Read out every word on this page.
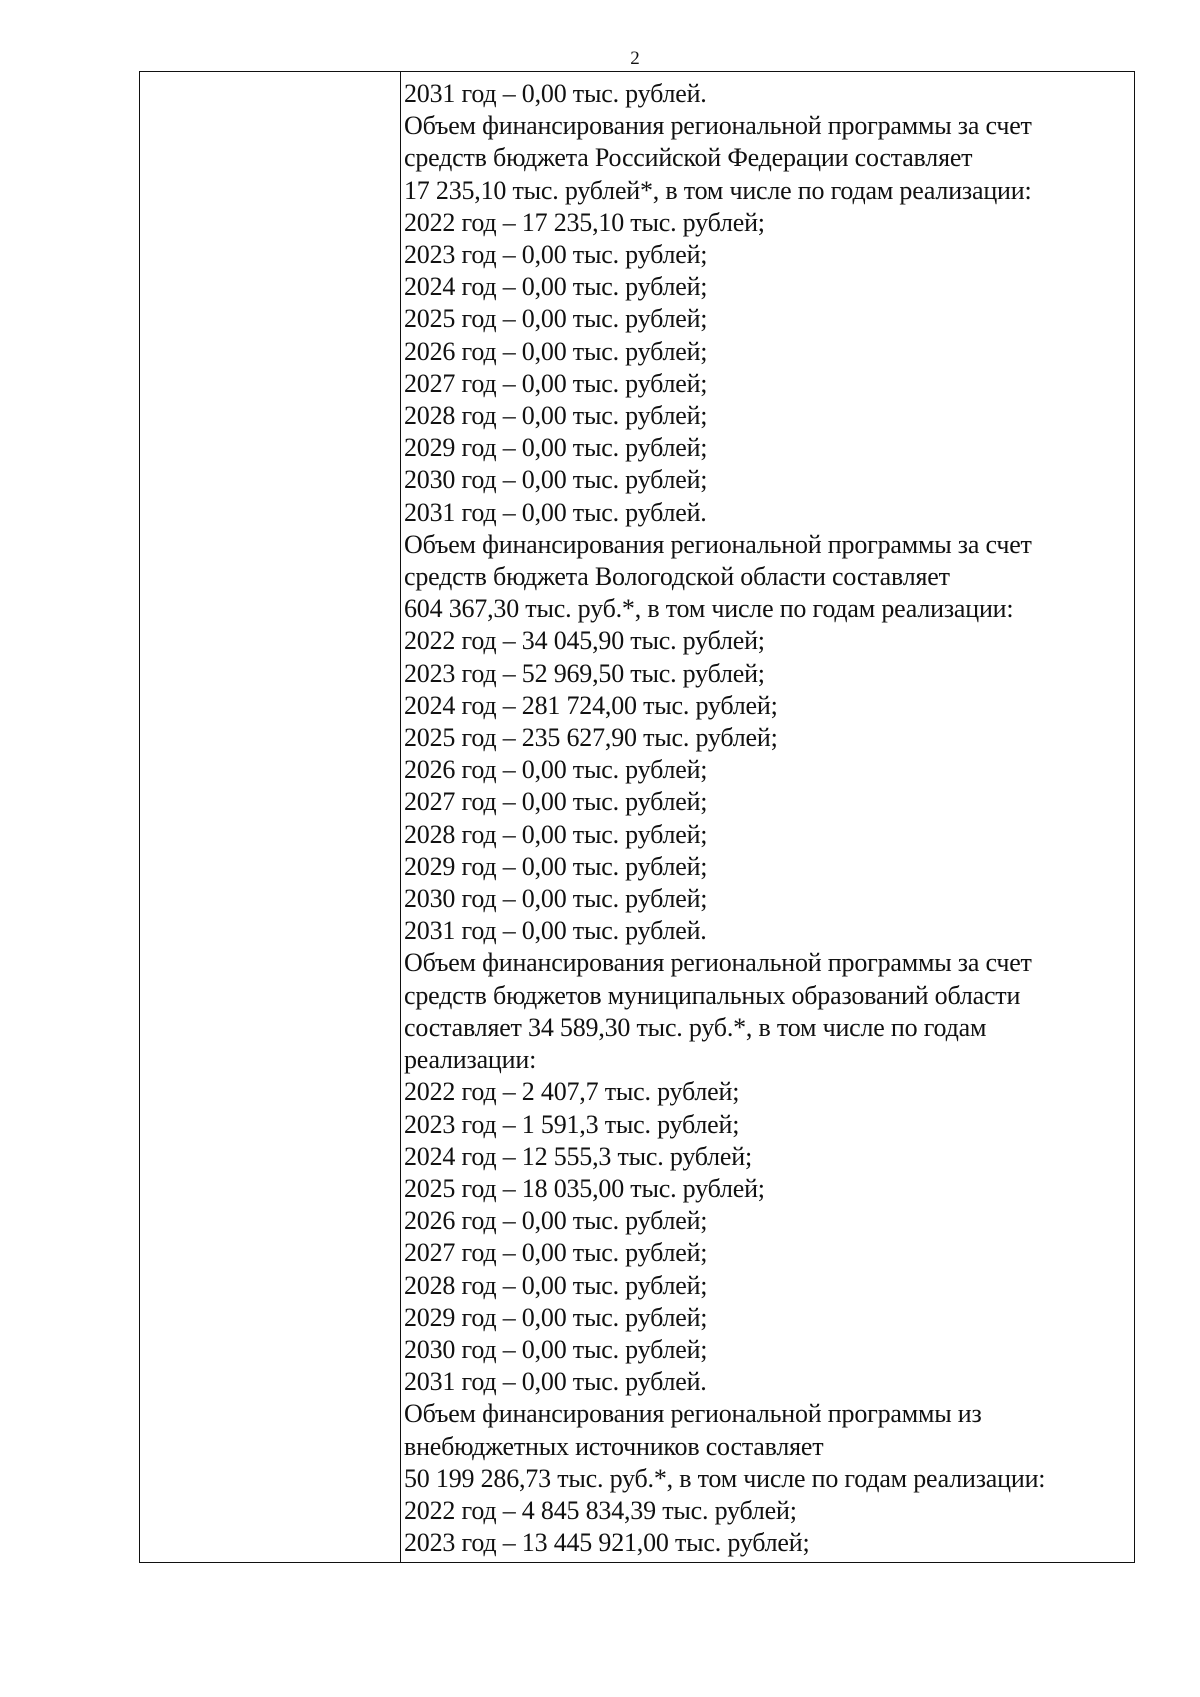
2
2031 год – 0,00 тыс. рублей.
Объем финансирования региональной программы за счет
средств бюджета Российской Федерации составляет
17 235,10 тыс. рублей*, в том числе по годам реализации:
2022 год – 17 235,10 тыс. рублей;
2023 год – 0,00 тыс. рублей;
2024 год – 0,00 тыс. рублей;
2025 год – 0,00 тыс. рублей;
2026 год – 0,00 тыс. рублей;
2027 год – 0,00 тыс. рублей;
2028 год – 0,00 тыс. рублей;
2029 год – 0,00 тыс. рублей;
2030 год – 0,00 тыс. рублей;
2031 год – 0,00 тыс. рублей.
Объем финансирования региональной программы за счет
средств бюджета Вологодской области составляет
604 367,30 тыс. руб.*, в том числе по годам реализации:
2022 год – 34 045,90 тыс. рублей;
2023 год – 52 969,50 тыс. рублей;
2024 год – 281 724,00 тыс. рублей;
2025 год – 235 627,90 тыс. рублей;
2026 год – 0,00 тыс. рублей;
2027 год – 0,00 тыс. рублей;
2028 год – 0,00 тыс. рублей;
2029 год – 0,00 тыс. рублей;
2030 год – 0,00 тыс. рублей;
2031 год – 0,00 тыс. рублей.
Объем финансирования региональной программы за счет
средств бюджетов муниципальных образований области
составляет 34 589,30 тыс. руб.*, в том числе по годам
реализации:
2022 год – 2 407,7 тыс. рублей;
2023 год – 1 591,3 тыс. рублей;
2024 год – 12 555,3 тыс. рублей;
2025 год – 18 035,00 тыс. рублей;
2026 год – 0,00 тыс. рублей;
2027 год – 0,00 тыс. рублей;
2028 год – 0,00 тыс. рублей;
2029 год – 0,00 тыс. рублей;
2030 год – 0,00 тыс. рублей;
2031 год – 0,00 тыс. рублей.
Объем финансирования региональной программы из
внебюджетных источников составляет
50 199 286,73 тыс. руб.*, в том числе по годам реализации:
2022 год – 4 845 834,39 тыс. рублей;
2023 год – 13 445 921,00 тыс. рублей;
